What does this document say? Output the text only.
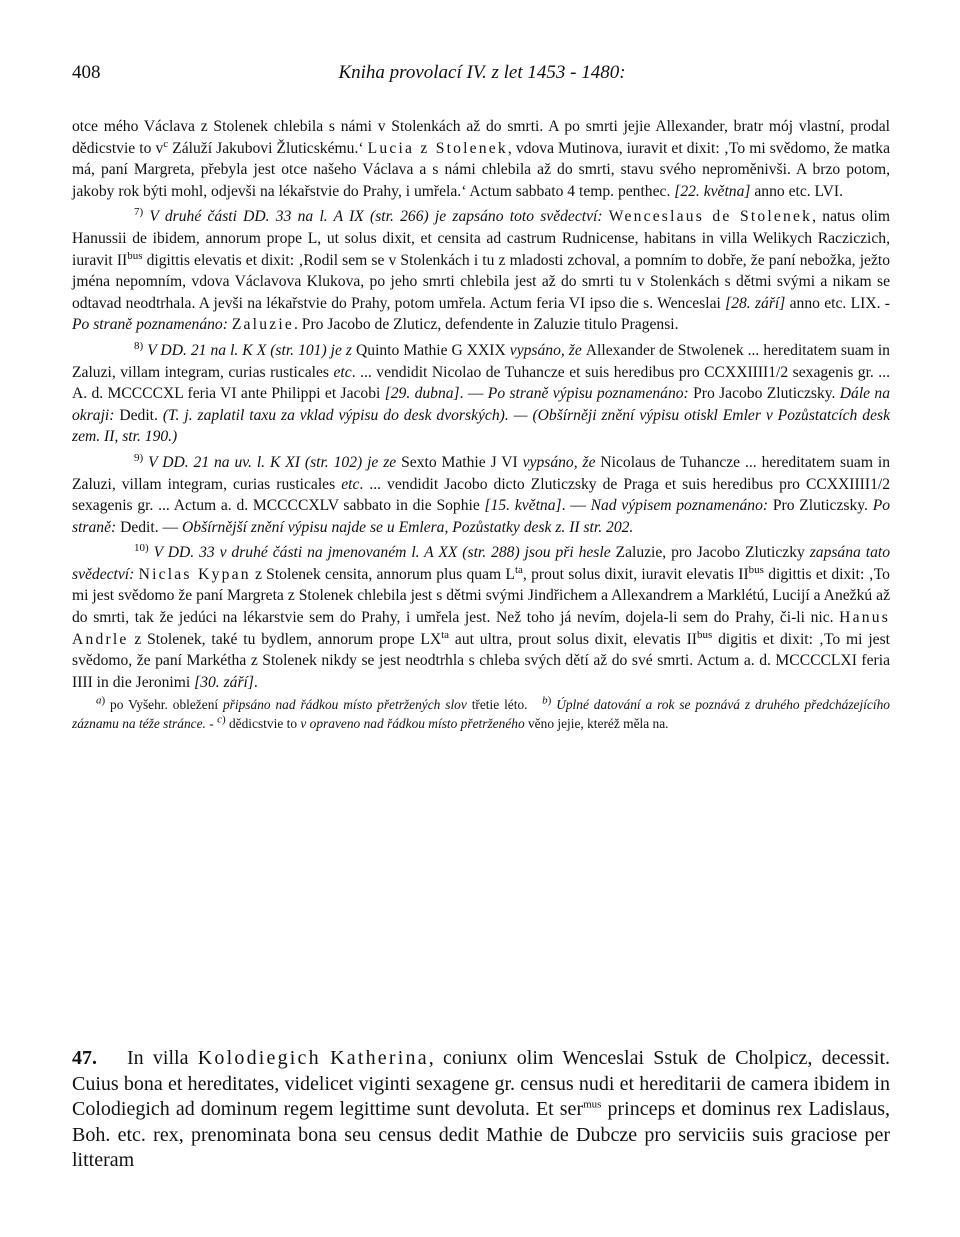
408	Kniha provolací IV. z let 1453 - 1480:

otce mého Václava z Stolenek chlebila s námi v Stolenkách až do smrti. A po smrti jejie Allexander, bratr mój vlastní, prodal dědicstvie to v$^c$ Záluží Jakubovi Žluticskému.‘ Lucia z Stolenek, vdova Mutinova, iuravit et dixit: ‚To mi svědomo, že matka má, paní Margreta, přebyla jest otce našeho Václava a s námi chlebila až do smrti, stavu svého neproměnivši. A brzo potom, jakoby rok býti mohl, odjevši na lékařstvie do Prahy, i umřela.‘ Actum sabbato 4 temp. penthec. [22. května] anno etc. LVI.

$^{7)}$ V druhé části DD. 33 na l. A IX (str. 266) je zapsáno toto svědectví: Wenceslaus de Stolenek, natus olim Hanussii de ibidem, annorum prope L, ut solus dixit, et censita ad castrum Rudnicense, habitans in villa Welikych Racziczich, iuravit II$^{bus}$ digittis elevatis et dixit: ‚Rodil sem se v Stolenkách i tu z mladosti zchoval, a pomním to dobře, že paní nebožka, ježto jména nepomním, vdova Václavova Klukova, po jeho smrti chlebila jest až do smrti tu v Stolenkách s dětmi svými a nikam se odtavad neodtrhala. A jevši na lékařstvie do Prahy, potom umřela. Actum feria VI ipso die s. Wenceslai [28. září] anno etc. LIX. - Po straně poznamenáno: Zaluzie. Pro Jacobo de Zluticz, defendente in Zaluzie titulo Pragensi.

$^{8)}$ V DD. 21 na l. K X (str. 101) je z Quinto Mathie G XXIX vypsáno, že Allexander de Stwolenek ... hereditatem suam in Zaluzi, villam integram, curias rusticales etc. ... vendidit Nicolao de Tuhancze et suis heredibus pro CCXXIIII1/2 sexagenis gr. ... A. d. MCCCCXL feria VI ante Philippi et Jacobi [29. dubna]. — Po straně výpisu poznamenáno: Pro Jacobo Zluticzsky. Dále na okraji: Dedit. (T. j. zaplatil taxu za vklad výpisu do desk dvorských). — (Obšírněji znění výpisu otiskl Emler v Pozůstatcích desk zem. II, str. 190.)

$^{9)}$ V DD. 21 na uv. l. K XI (str. 102) je ze Sexto Mathie J VI vypsáno, že Nicolaus de Tuhancze ... hereditatem suam in Zaluzi, villam integram, curias rusticales etc. ... vendidit Jacobo dicto Zluticzsky de Praga et suis heredibus pro CCXXIIII1/2 sexagenis gr. ... Actum a. d. MCCCCXLV sabbato in die Sophie [15. května]. — Nad výpisem poznamenáno: Pro Zluticzsky. Po straně: Dedit. — Obšírnější znění výpisu najde se u Emlera, Pozůstatky desk z. II str. 202.

$^{10)}$ V DD. 33 v druhé části na jmenovaném l. A XX (str. 288) jsou při hesle Zaluzie, pro Jacobo Zluticzky zapsána tato svědectví: Niclas Kypan z Stolenek censita, annorum plus quam L$^{ta}$, prout solus dixit, iuravit elevatis II$^{bus}$ digittis et dixit: ‚To mi jest svědomo že paní Margreta z Stolenek chlebila jest s dětmi svými Jindřichem a Allexandrem a Marklétú, Lucijí a Anežkú až do smrti, tak že jedúci na lékarstvie sem do Prahy, i umřela jest. Než toho já nevím, dojela-li sem do Prahy, či-li nic. Hanus Andrle z Stolenek, také tu bydlem, annorum prope LX$^{ta}$ aut ultra, prout solus dixit, elevatis II$^{bus}$ digitis et dixit: ‚To mi jest svědomo, že paní Markétha z Stolenek nikdy se jest neodtrhla s chleba svých dětí až do své smrti. Actum a. d. MCCCCLXI feria IIII in die Jeronimi [30. září].

$^{a)}$ po Vyšehr. obležení připsáno nad řádkou místo přetržených slov třetie léto. $^{b)}$ Úplné datování a rok se poznává z druhého předcházejícího záznamu na téže stránce. - $^{c)}$ dědicstvie to v opraveno nad řádkou místo přetrženého věno jejie, kteréž měla na.

47. In villa Kolodiegich Katherina, coniunx olim Wenceslai Sstuk de Cholpicz, decessit. Cuius bona et hereditates, videlicet viginti sexagene gr. census nudi et hereditarii de camera ibidem in Colodiegich ad dominum regem legittime sunt devoluta. Et ser$^{mus}$ princeps et dominus rex Ladislaus, Boh. etc. rex, prenominata bona seu census dedit Mathie de Dubcze pro serviciis suis graciose per litteram
